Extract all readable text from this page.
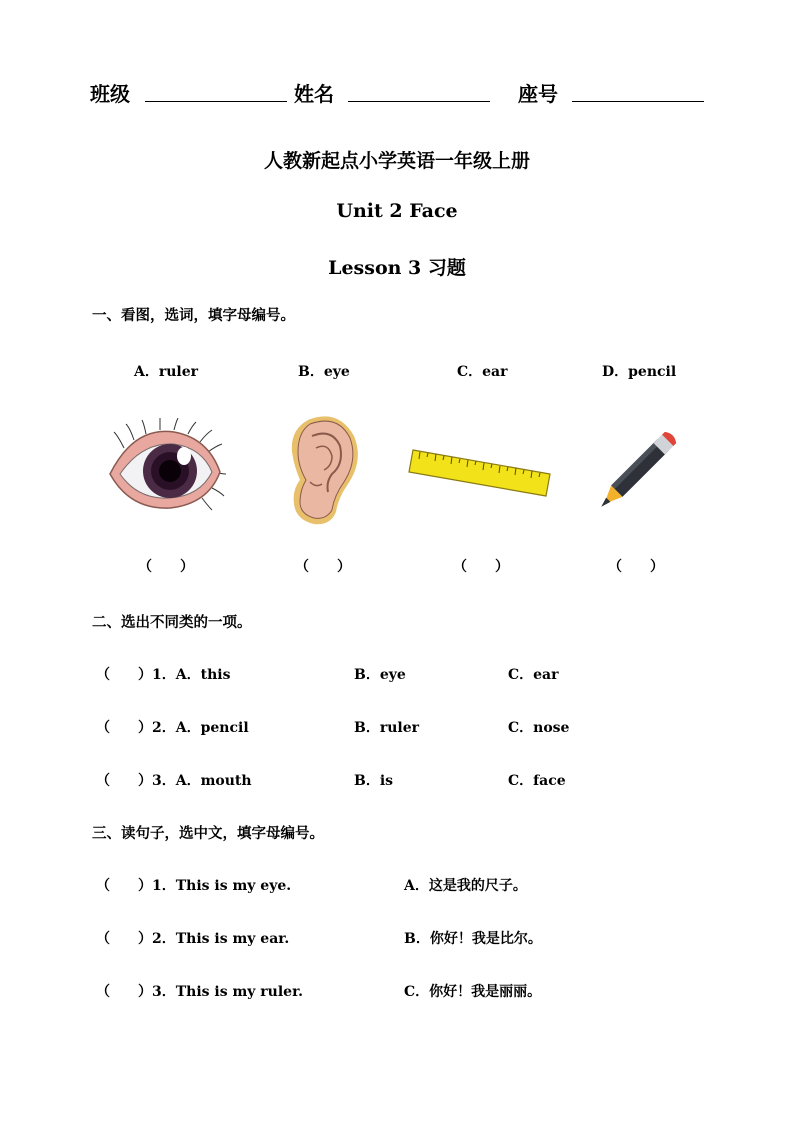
班级	姓名	座号
人教新起点小学英语一年级上册
Unit 2 Face
Lesson 3 习题
一、看图，选词，填字母编号。
A．ruler	B．eye	C．ear	D．pencil
（　　）	（　　）	（　　）	（　　）
二、选出不同类的一项。
（　　）1．A．this	B．eye	C．ear
（　　）2．A．pencil	B．ruler	C．nose
（　　）3．A．mouth	B．is	C．face
三、读句子，选中文，填字母编号。
（　　）1．This is my eye.	A．这是我的尺子。
（　　）2．This is my ear.	B．你好！我是比尔。
（　　）3．This is my ruler.	C．你好！我是丽丽。
